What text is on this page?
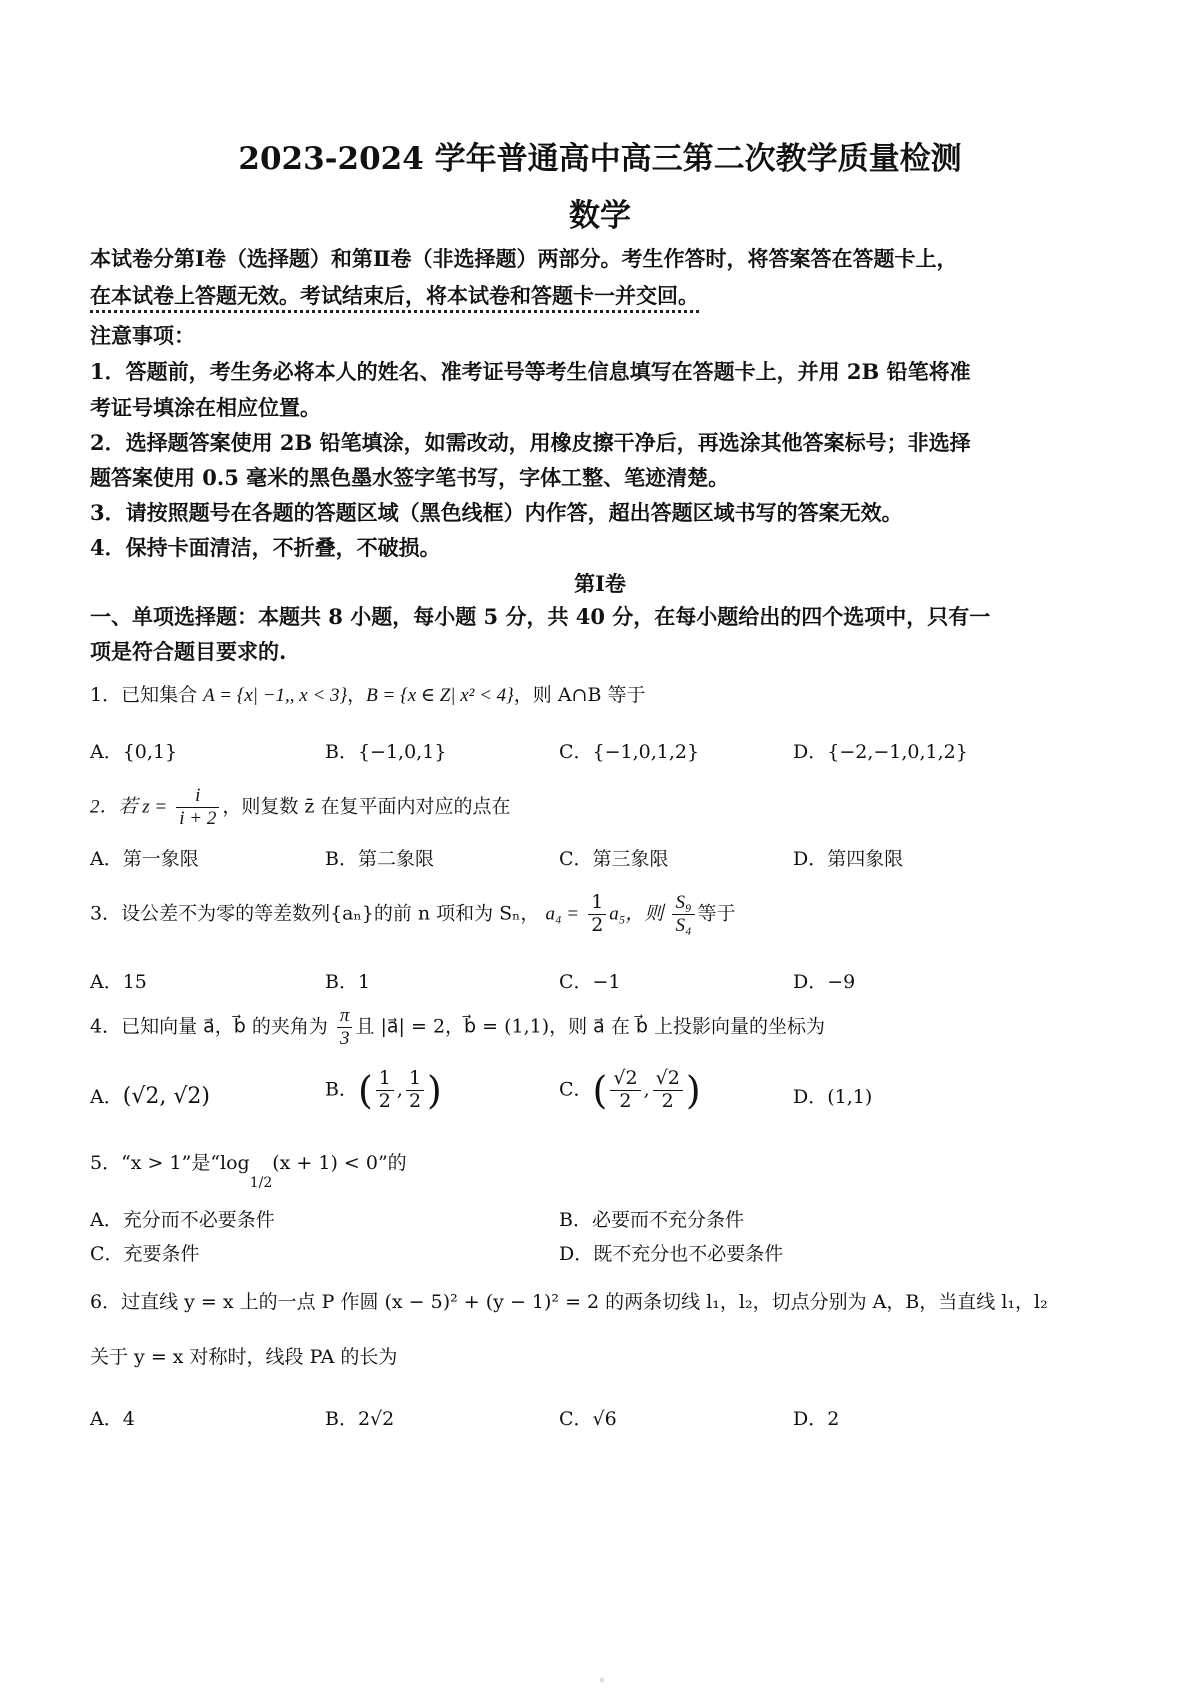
2023-2024 学年普通高中高三第二次教学质量检测
数学
本试卷分第Ⅰ卷（选择题）和第Ⅱ卷（非选择题）两部分。考生作答时，将答案答在答题卡上，
在本试卷上答题无效。考试结束后，将本试卷和答题卡一并交回。
注意事项：
1．答题前，考生务必将本人的姓名、准考证号等考生信息填写在答题卡上，并用 2B 铅笔将准
考证号填涂在相应位置。
2．选择题答案使用 2B 铅笔填涂，如需改动，用橡皮擦干净后，再选涂其他答案标号；非选择
题答案使用 0.5 毫米的黑色墨水签字笔书写，字体工整、笔迹清楚。
3．请按照题号在各题的答题区域（黑色线框）内作答，超出答题区域书写的答案无效。
4．保持卡面清洁，不折叠，不破损。
第Ⅰ卷
一、单项选择题：本题共 8 小题，每小题 5 分，共 40 分，在每小题给出的四个选项中，只有一
项是符合题目要求的.
1．已知集合 A = {x| −1,, x < 3}，B = {x ∈ Z| x² < 4}，则 A∩B 等于
A．{0,1}	B．{−1,0,1}	C．{−1,0,1,2}	D．{−2,−1,0,1,2}
2．若 $z = \frac{i}{i + 2}$ ，则复数 z̄ 在复平面内对应的点在
A．第一象限	B．第二象限	C．第三象限	D．第四象限
3．设公差不为零的等差数列{aₙ}的前 n 项和为 Sₙ， $a_4 = \frac{1}{2} a_5$，则 $\frac{\text{S₉}}{\text{S₄}}$ 等于
A．15	B．1	C．−1	D．−9
4．已知向量 a⃗，b⃗ 的夹角为 $\frac{\pi}{3}$ 且 |a⃗| = 2，b⃗ = (1,1)，则 a⃗ 在 b⃗ 上投影向量的坐标为
A．(√2, √2)	B．( $\frac{1}{2}$ , $\frac{1}{2}$ )	C．( $\frac{√2}{2}$ , $\frac{√2}{2}$ )	D．(1,1)
5．“x > 1”是“$\log_{1/2}(x + 1) < 0$”的
A．充分而不必要条件	B．必要而不充分条件
C．充要条件	D．既不充分也不必要条件
6．过直线 y = x 上的一点 P 作圆 (x − 5)² + (y − 1)² = 2 的两条切线 l₁，l₂，切点分别为 A，B，当直线 l₁，l₂
关于 y = x 对称时，线段 PA 的长为
A．4	B．2√2	C．√6	D．2
